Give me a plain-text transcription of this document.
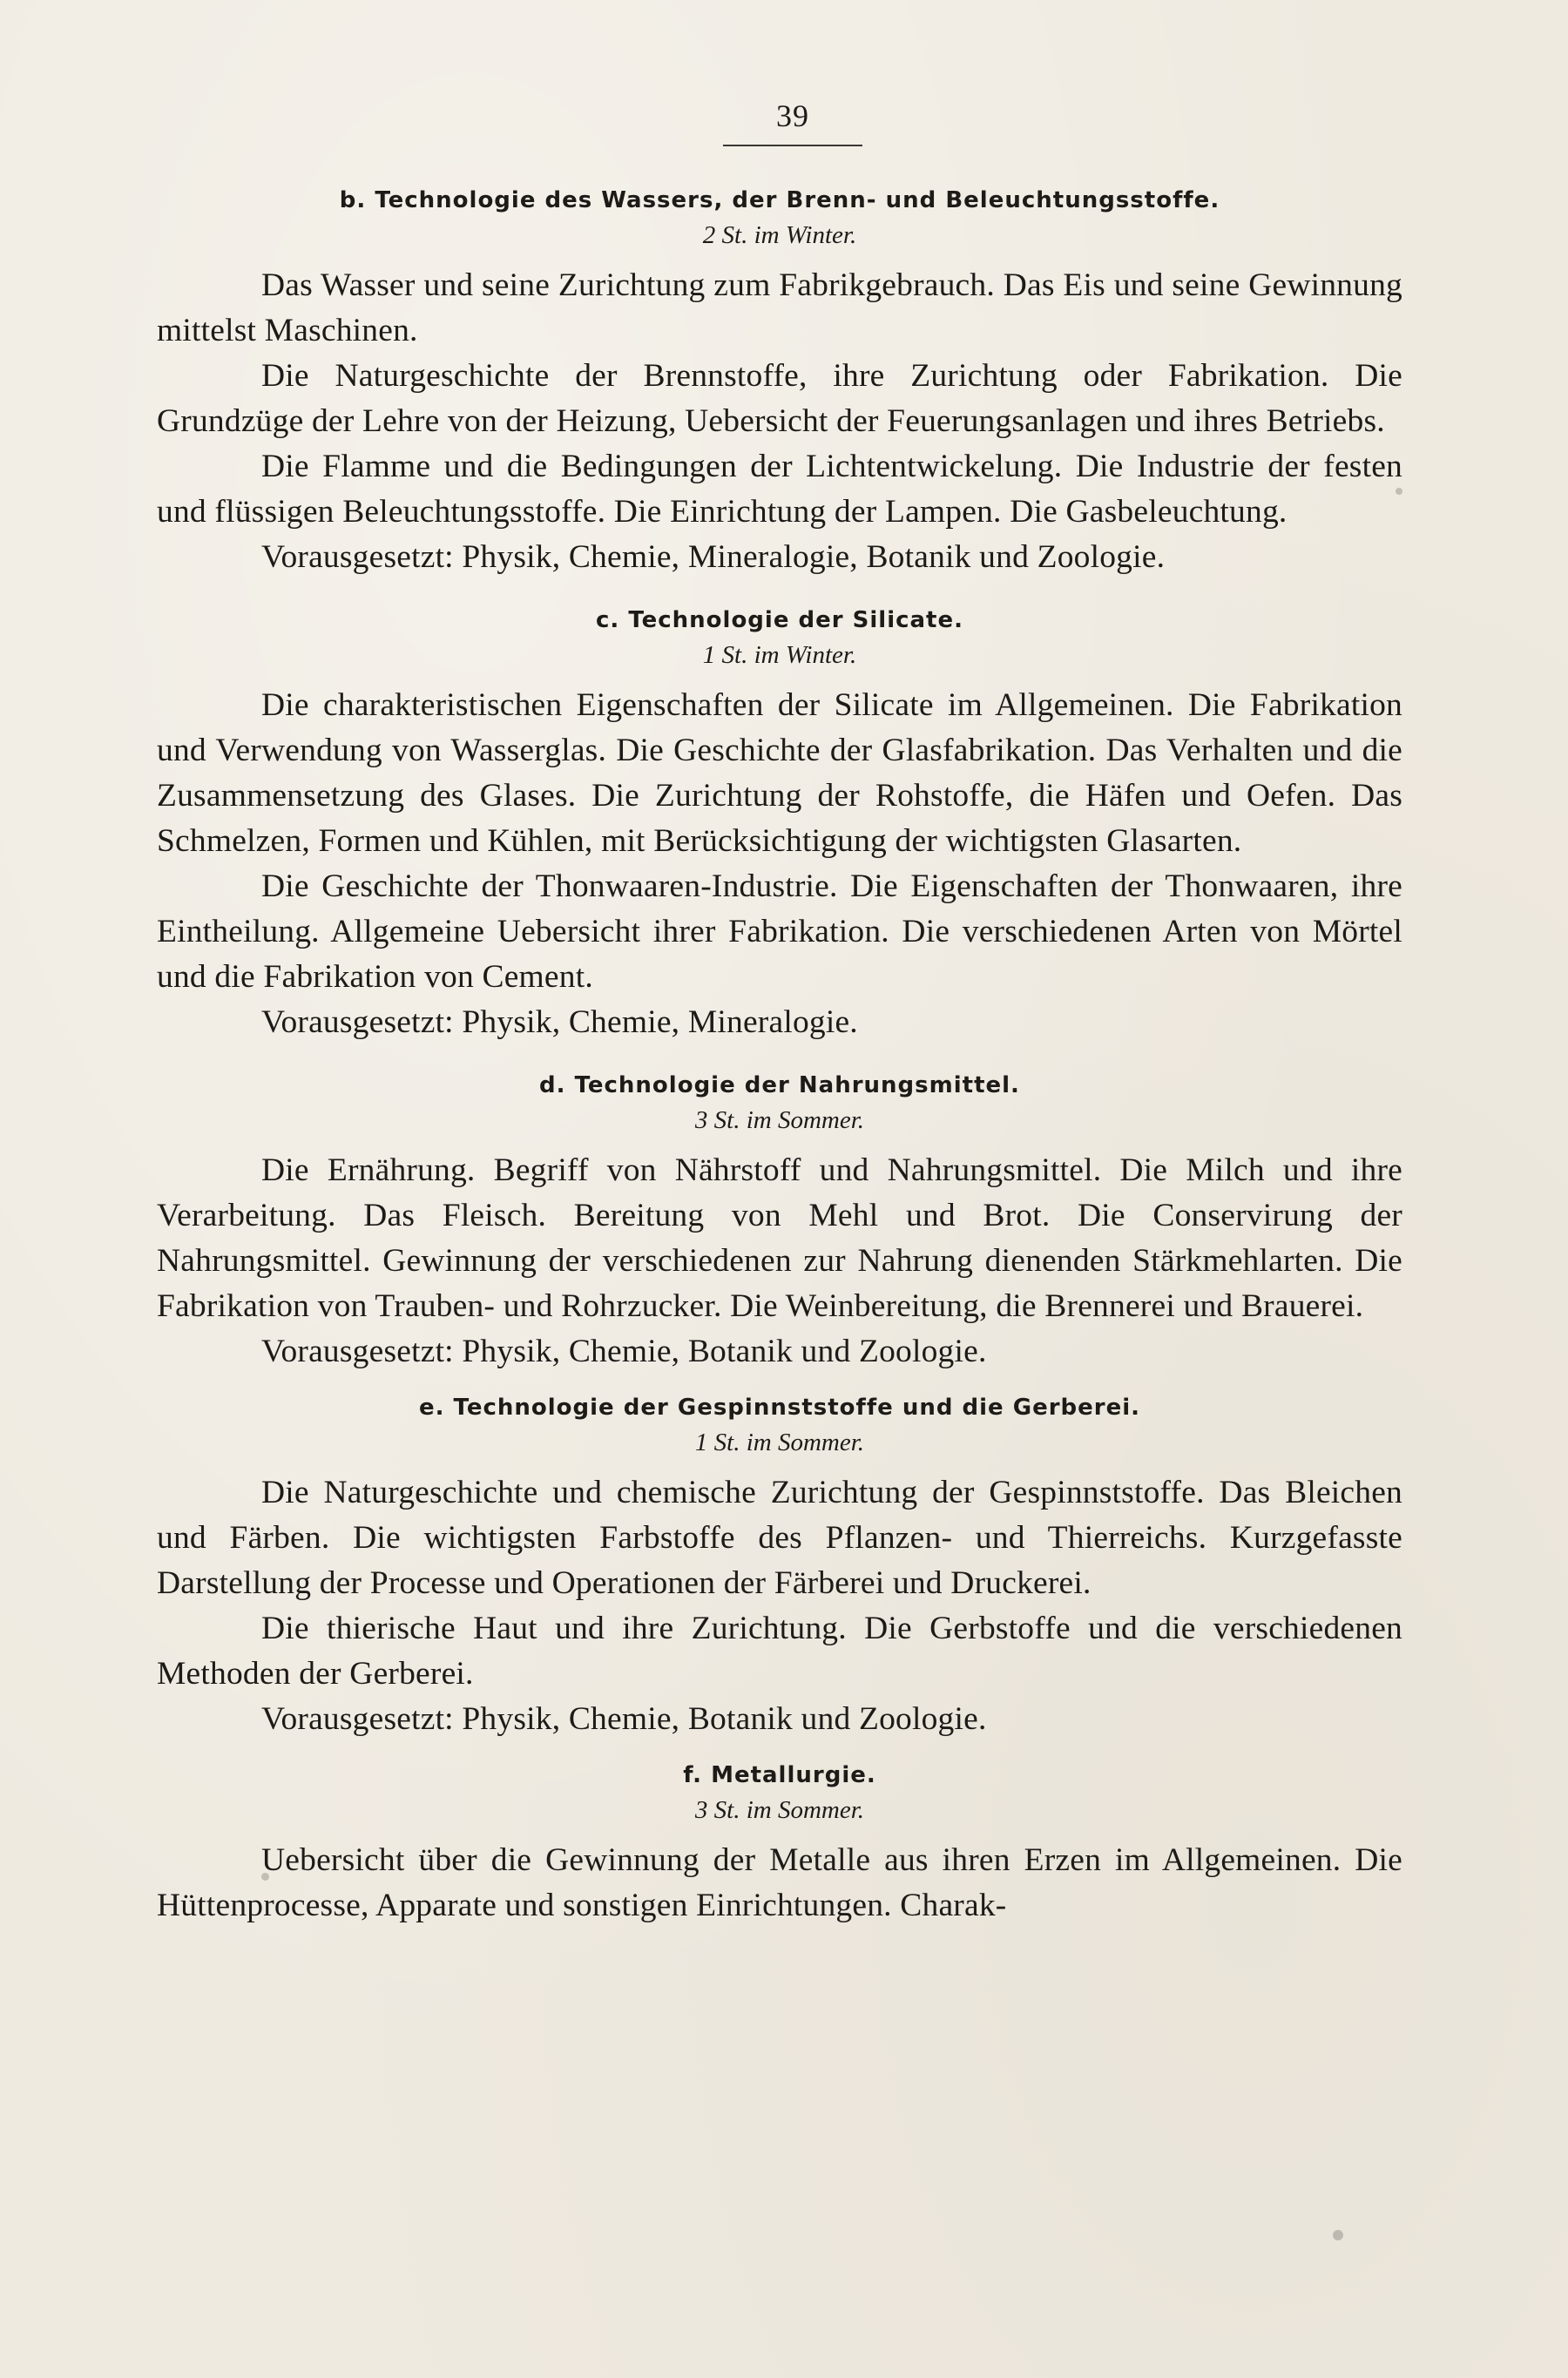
39
b. Technologie des Wassers, der Brenn- und Beleuchtungsstoffe.
2 St. im Winter.

Das Wasser und seine Zurichtung zum Fabrikgebrauch. Das Eis und seine Gewinnung mittelst Maschinen.

Die Naturgeschichte der Brennstoffe, ihre Zurichtung oder Fabrikation. Die Grundzüge der Lehre von der Heizung, Uebersicht der Feuerungsanlagen und ihres Betriebs.

Die Flamme und die Bedingungen der Lichtentwickelung. Die Industrie der festen und flüssigen Beleuchtungsstoffe. Die Einrichtung der Lampen. Die Gasbeleuchtung.

Vorausgesetzt: Physik, Chemie, Mineralogie, Botanik und Zoologie.

c. Technologie der Silicate.
1 St. im Winter.

Die charakteristischen Eigenschaften der Silicate im Allgemeinen. Die Fabrikation und Verwendung von Wasserglas. Die Geschichte der Glasfabrikation. Das Verhalten und die Zusammensetzung des Glases. Die Zurichtung der Rohstoffe, die Häfen und Oefen. Das Schmelzen, Formen und Kühlen, mit Berücksichtigung der wichtigsten Glasarten.

Die Geschichte der Thonwaaren-Industrie. Die Eigenschaften der Thonwaaren, ihre Eintheilung. Allgemeine Uebersicht ihrer Fabrikation. Die verschiedenen Arten von Mörtel und die Fabrikation von Cement.

Vorausgesetzt: Physik, Chemie, Mineralogie.

d. Technologie der Nahrungsmittel.
3 St. im Sommer.

Die Ernährung. Begriff von Nährstoff und Nahrungsmittel. Die Milch und ihre Verarbeitung. Das Fleisch. Bereitung von Mehl und Brot. Die Conservirung der Nahrungsmittel. Gewinnung der verschiedenen zur Nahrung dienenden Stärkmehlarten. Die Fabrikation von Trauben- und Rohrzucker. Die Weinbereitung, die Brennerei und Brauerei.

Vorausgesetzt: Physik, Chemie, Botanik und Zoologie.

e. Technologie der Gespinnststoffe und die Gerberei.
1 St. im Sommer.

Die Naturgeschichte und chemische Zurichtung der Gespinnststoffe. Das Bleichen und Färben. Die wichtigsten Farbstoffe des Pflanzen- und Thierreichs. Kurzgefasste Darstellung der Processe und Operationen der Färberei und Druckerei.

Die thierische Haut und ihre Zurichtung. Die Gerbstoffe und die verschiedenen Methoden der Gerberei.

Vorausgesetzt: Physik, Chemie, Botanik und Zoologie.

f. Metallurgie.
3 St. im Sommer.

Uebersicht über die Gewinnung der Metalle aus ihren Erzen im Allgemeinen. Die Hüttenprocesse, Apparate und sonstigen Einrichtungen. Charak-
